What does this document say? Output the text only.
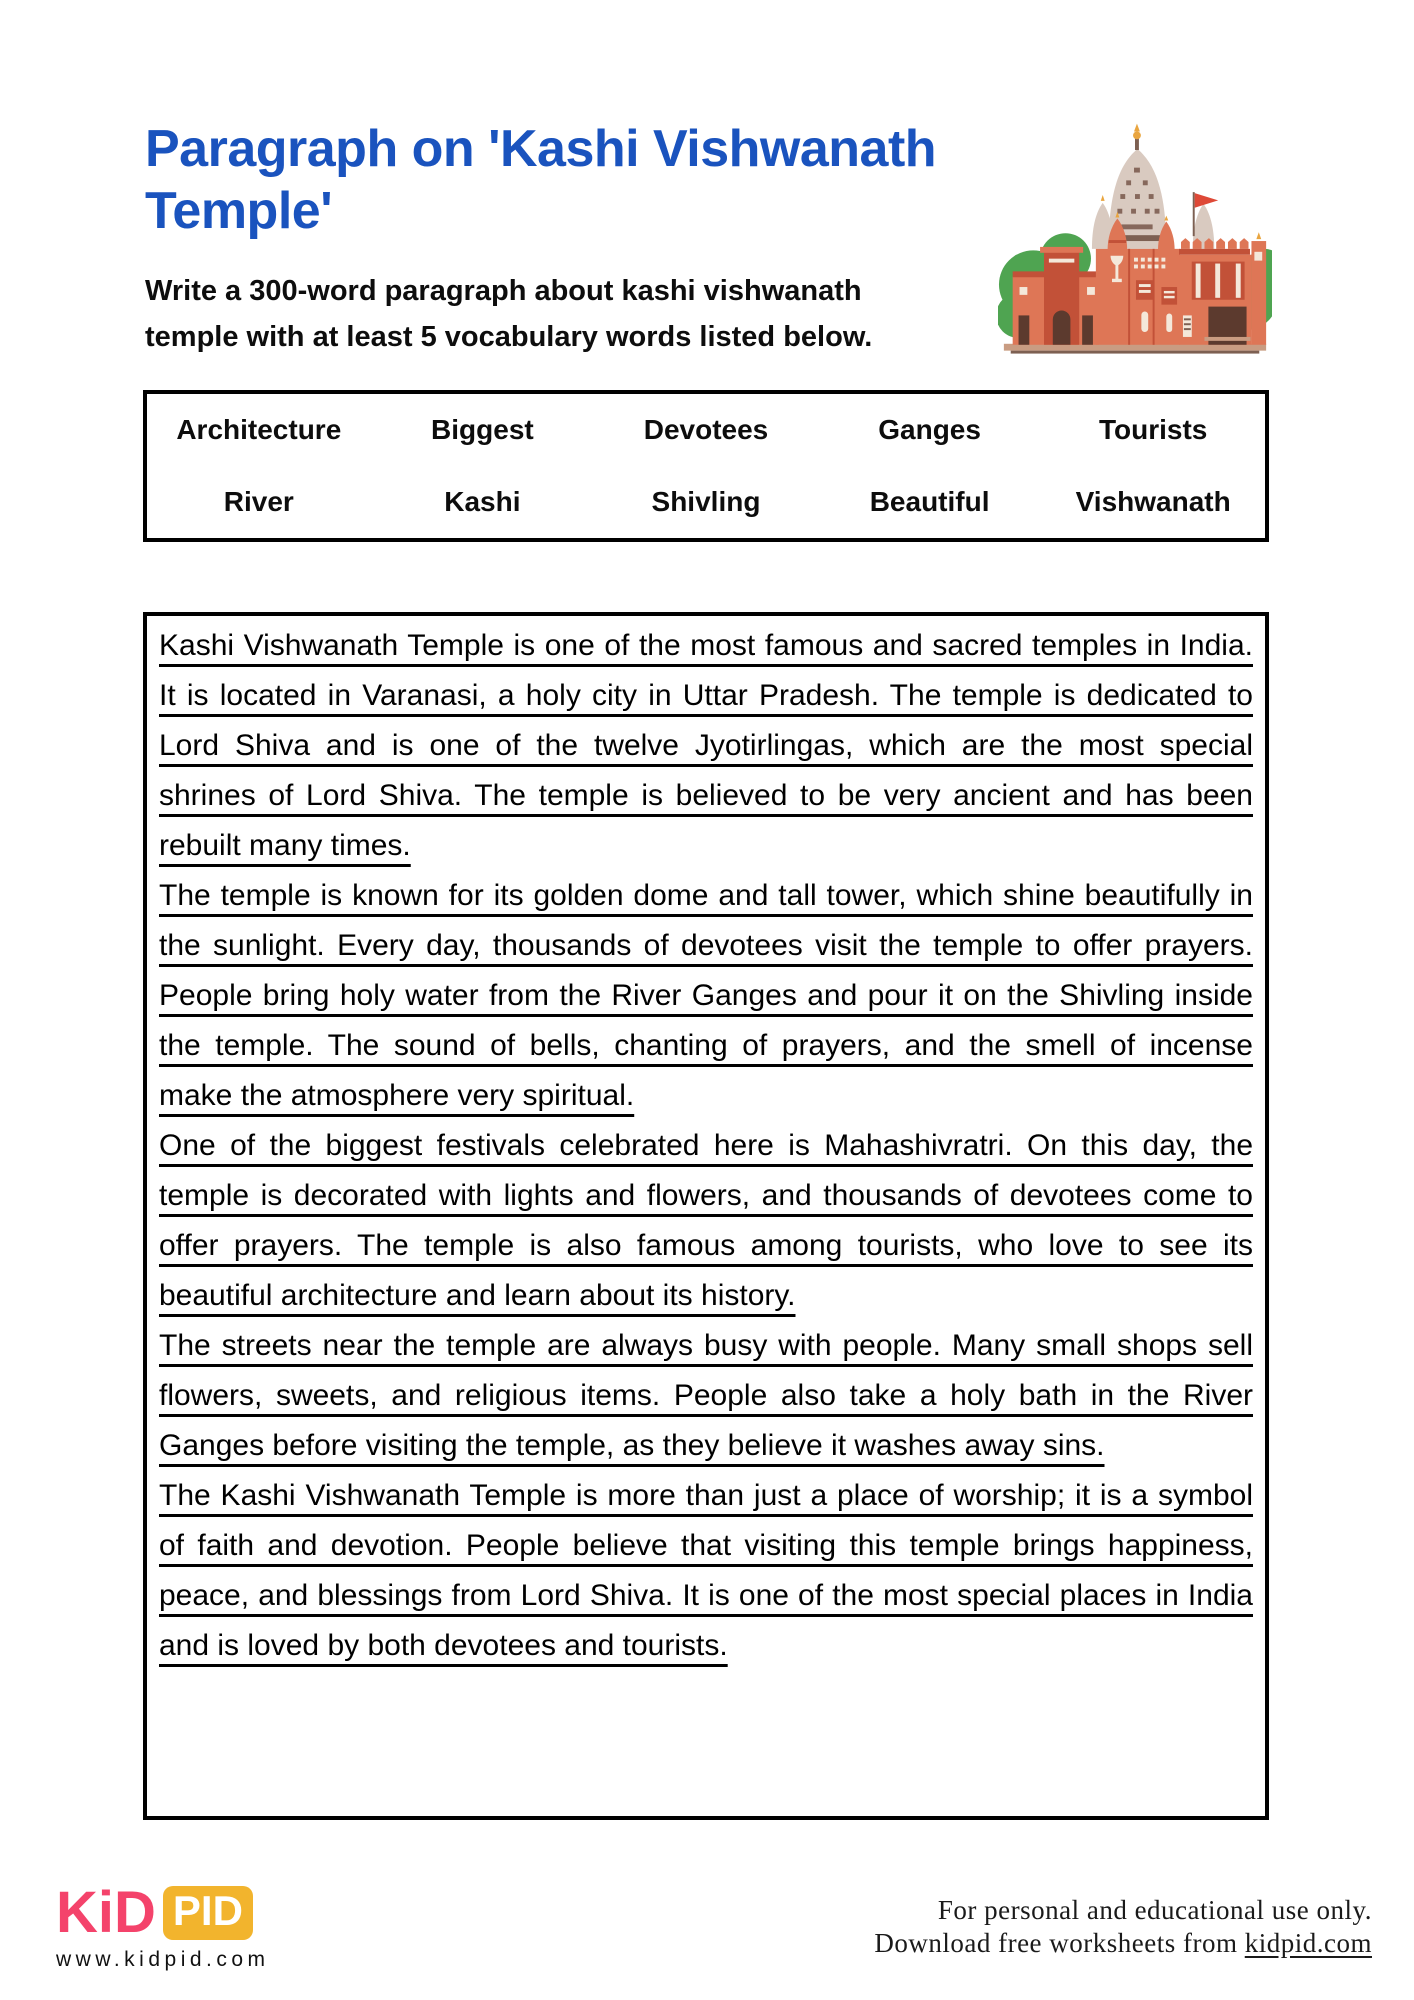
Paragraph on 'Kashi Vishwanath
Temple'
Write a 300-word paragraph about kashi vishwanath
temple with at least 5 vocabulary words listed below.
Architecture	Biggest	Devotees	Ganges	Tourists
River	Kashi	Shivling	Beautiful	Vishwanath

Kashi Vishwanath Temple is one of the most famous and sacred temples in India. It is located in Varanasi, a holy city in Uttar Pradesh. The temple is dedicated to Lord Shiva and is one of the twelve Jyotirlingas, which are the most special shrines of Lord Shiva. The temple is believed to be very ancient and has been rebuilt many times.

The temple is known for its golden dome and tall tower, which shine beautifully in the sunlight. Every day, thousands of devotees visit the temple to offer prayers. People bring holy water from the River Ganges and pour it on the Shivling inside the temple. The sound of bells, chanting of prayers, and the smell of incense make the atmosphere very spiritual.

One of the biggest festivals celebrated here is Mahashivratri. On this day, the temple is decorated with lights and flowers, and thousands of devotees come to offer prayers. The temple is also famous among tourists, who love to see its beautiful architecture and learn about its history.

The streets near the temple are always busy with people. Many small shops sell flowers, sweets, and religious items. People also take a holy bath in the River Ganges before visiting the temple, as they believe it washes away sins.

The Kashi Vishwanath Temple is more than just a place of worship; it is a symbol of faith and devotion. People believe that visiting this temple brings happiness, peace, and blessings from Lord Shiva. It is one of the most special places in India and is loved by both devotees and tourists.

KiD PID
www.kidpid.com
For personal and educational use only.
Download free worksheets from kidpid.com
